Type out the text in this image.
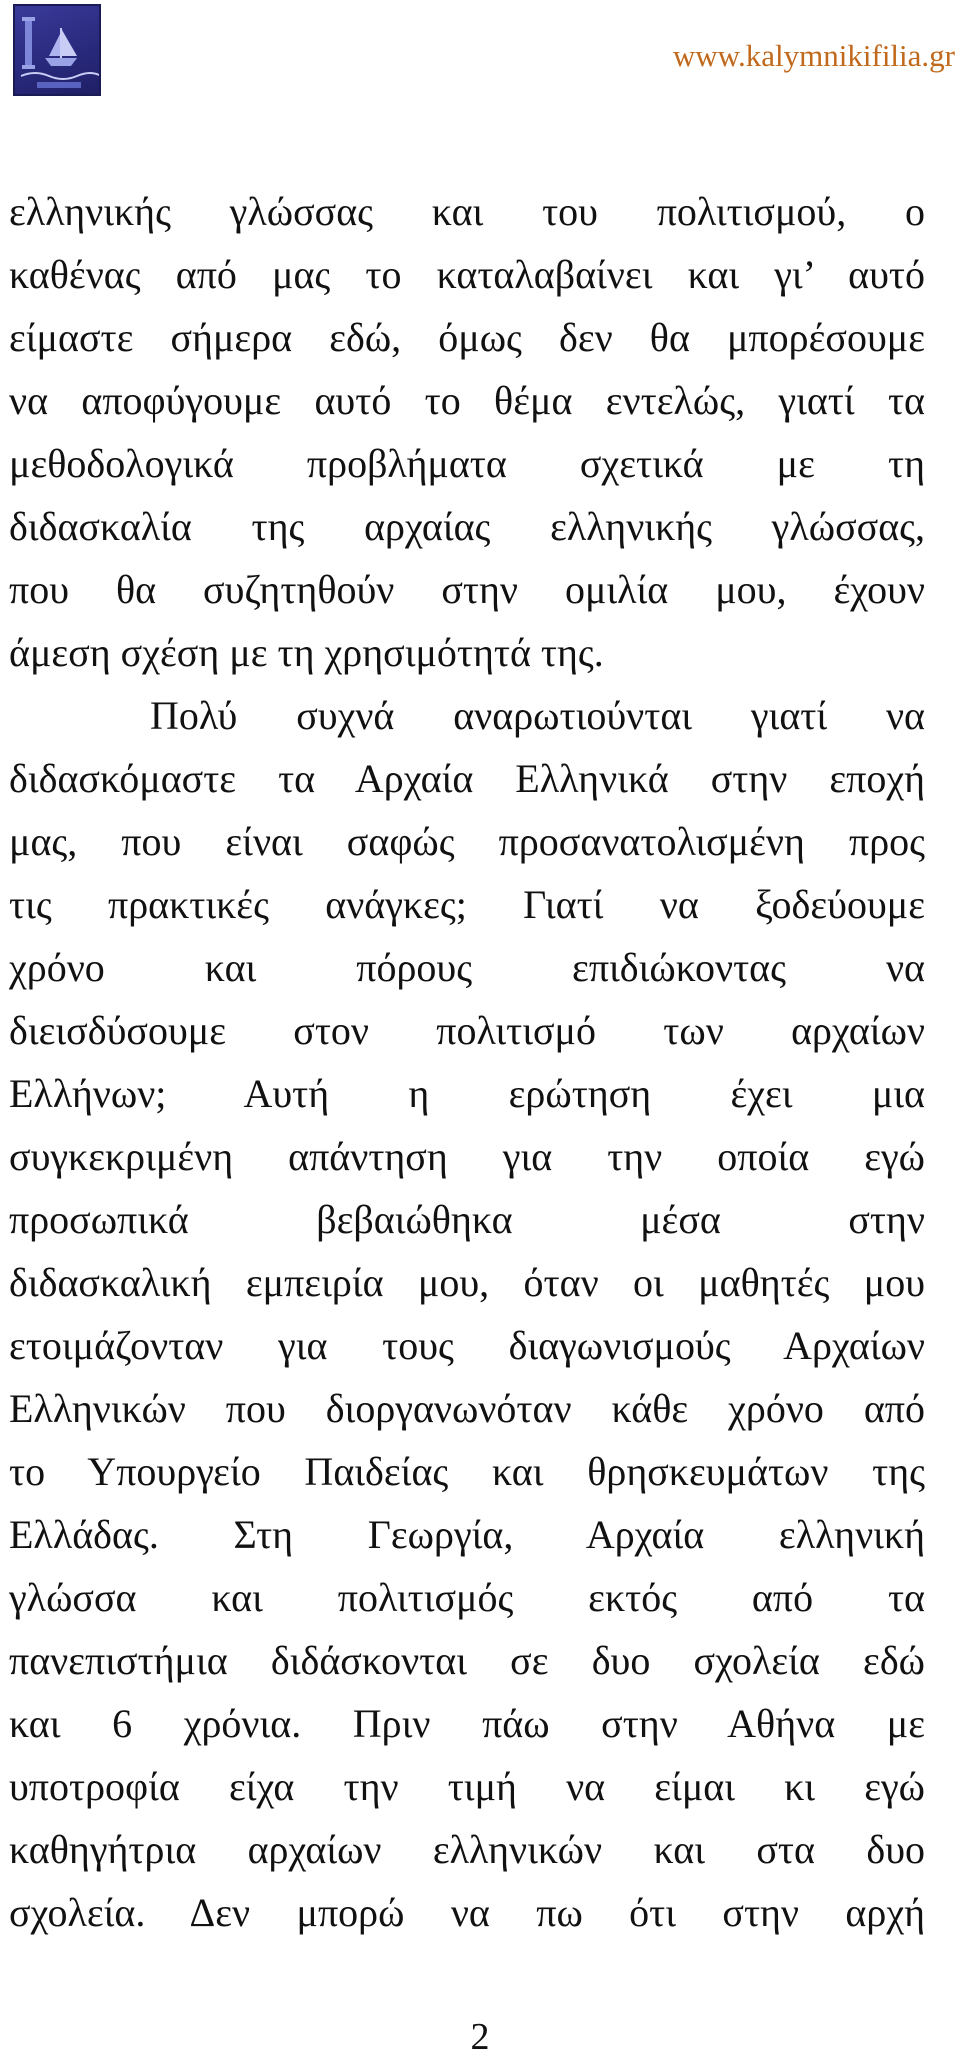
www.kalymnikifilia.gr
ελληνικής γλώσσας και του πολιτισμού, ο
καθένας από μας το καταλαβαίνει και γι’ αυτό
είμαστε σήμερα εδώ, όμως δεν θα μπορέσουμε
να αποφύγουμε αυτό το θέμα εντελώς, γιατί τα
μεθοδολογικά προβλήματα σχετικά με τη
διδασκαλία της αρχαίας ελληνικής γλώσσας,
που θα συζητηθούν στην ομιλία μου, έχουν
άμεση σχέση με τη χρησιμότητά της.
Πολύ συχνά αναρωτιούνται γιατί να
διδασκόμαστε τα Αρχαία Ελληνικά στην εποχή
μας, που είναι σαφώς προσανατολισμένη προς
τις πρακτικές ανάγκες; Γιατί να ξοδεύουμε
χρόνο και πόρους επιδιώκοντας να
διεισδύσουμε στον πολιτισμό των αρχαίων
Ελλήνων; Αυτή η ερώτηση έχει μια
συγκεκριμένη απάντηση για την οποία εγώ
προσωπικά βεβαιώθηκα μέσα στην
διδασκαλική εμπειρία μου, όταν οι μαθητές μου
ετοιμάζονταν για τους διαγωνισμούς Αρχαίων
Ελληνικών που διοργανωνόταν κάθε χρόνο από
το Υπουργείο Παιδείας και θρησκευμάτων της
Ελλάδας. Στη Γεωργία, Αρχαία ελληνική
γλώσσα και πολιτισμός εκτός από τα
πανεπιστήμια διδάσκονται σε δυο σχολεία εδώ
και 6 χρόνια. Πριν πάω στην Αθήνα με
υποτροφία είχα την τιμή να είμαι κι εγώ
καθηγήτρια αρχαίων ελληνικών και στα δυο
σχολεία. Δεν μπορώ να πω ότι στην αρχή
2
